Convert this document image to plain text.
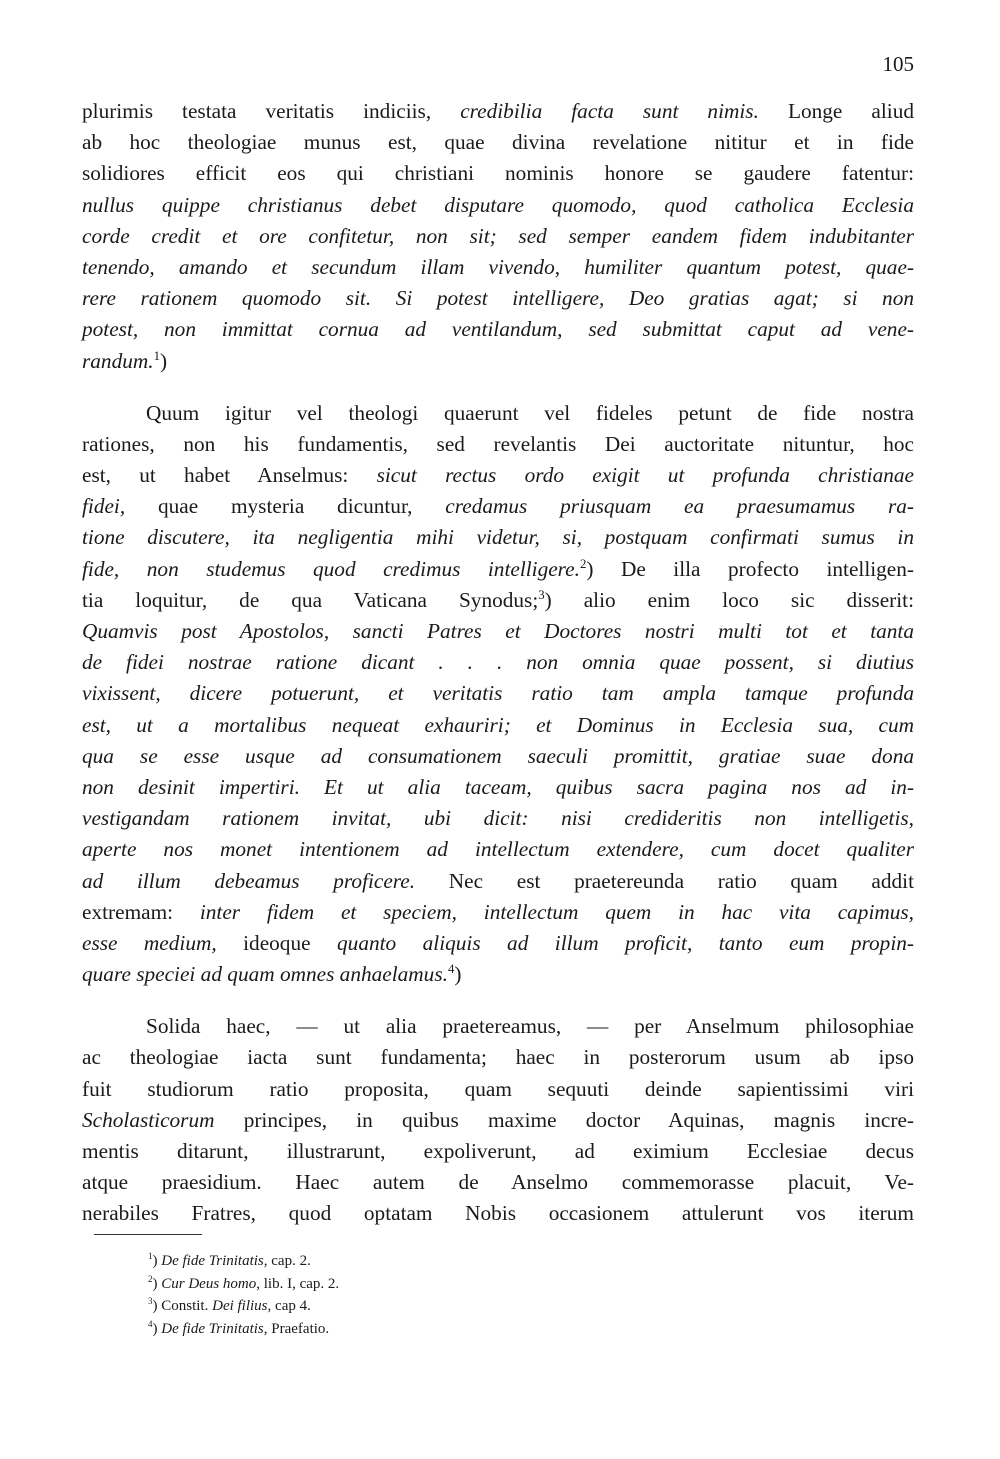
105
plurimis testata veritatis indiciis, credibilia facta sunt nimis. Longe aliud
ab hoc theologiae munus est, quae divina revelatione nititur et in fide
solidiores efficit eos qui christiani nominis honore se gaudere fatentur:
nullus quippe christianus debet disputare quomodo, quod catholica Ecclesia
corde credit et ore confitetur, non sit; sed semper eandem fidem indubitanter
tenendo, amando et secundum illam vivendo, humiliter quantum potest, quae-
rere rationem quomodo sit. Si potest intelligere, Deo gratias agat; si non
potest, non immittat cornua ad ventilandum, sed submittat caput ad vene-
randum.$^1$)
Quum igitur vel theologi quaerunt vel fideles petunt de fide nostra
rationes, non his fundamentis, sed revelantis Dei auctoritate nituntur, hoc
est, ut habet Anselmus: sicut rectus ordo exigit ut profunda christianae
fidei, quae mysteria dicuntur, credamus priusquam ea praesumamus ra-
tione discutere, ita negligentia mihi videtur, si, postquam confirmati sumus in
fide, non studemus quod credimus intelligere.$^2$) De illa profecto intelligen-
tia loquitur, de qua Vaticana Synodus;$^3$) alio enim loco sic disserit:
Quamvis post Apostolos, sancti Patres et Doctores nostri multi tot et tanta
de fidei nostrae ratione dicant . . . non omnia quae possent, si diutius
vixissent, dicere potuerunt, et veritatis ratio tam ampla tamque profunda
est, ut a mortalibus nequeat exhauriri; et Dominus in Ecclesia sua, cum
qua se esse usque ad consumationem saeculi promittit, gratiae suae dona
non desinit impertiri. Et ut alia taceam, quibus sacra pagina nos ad in-
vestigandam rationem invitat, ubi dicit: nisi credideritis non intelligetis,
aperte nos monet intentionem ad intellectum extendere, cum docet qualiter
ad illum debeamus proficere. Nec est praetereunda ratio quam addit
extremam: inter fidem et speciem, intellectum quem in hac vita capimus,
esse medium, ideoque quanto aliquis ad illum proficit, tanto eum propin-
quare speciei ad quam omnes anhaelamus.$^4$)
Solida haec, — ut alia praetereamus, — per Anselmum philosophiae
ac theologiae iacta sunt fundamenta; haec in posterorum usum ab ipso
fuit studiorum ratio proposita, quam sequuti deinde sapientissimi viri
Scholasticorum principes, in quibus maxime doctor Aquinas, magnis incre-
mentis ditarunt, illustrarunt, expoliverunt, ad eximium Ecclesiae decus
atque praesidium. Haec autem de Anselmo commemorasse placuit, Ve-
nerabiles Fratres, quod optatam Nobis occasionem attulerunt vos iterum
$^1$) De fide Trinitatis, cap. 2.
$^2$) Cur Deus homo, lib. I, cap. 2.
$^3$) Constit. Dei filius, cap 4.
$^4$) De fide Trinitatis, Praefatio.
